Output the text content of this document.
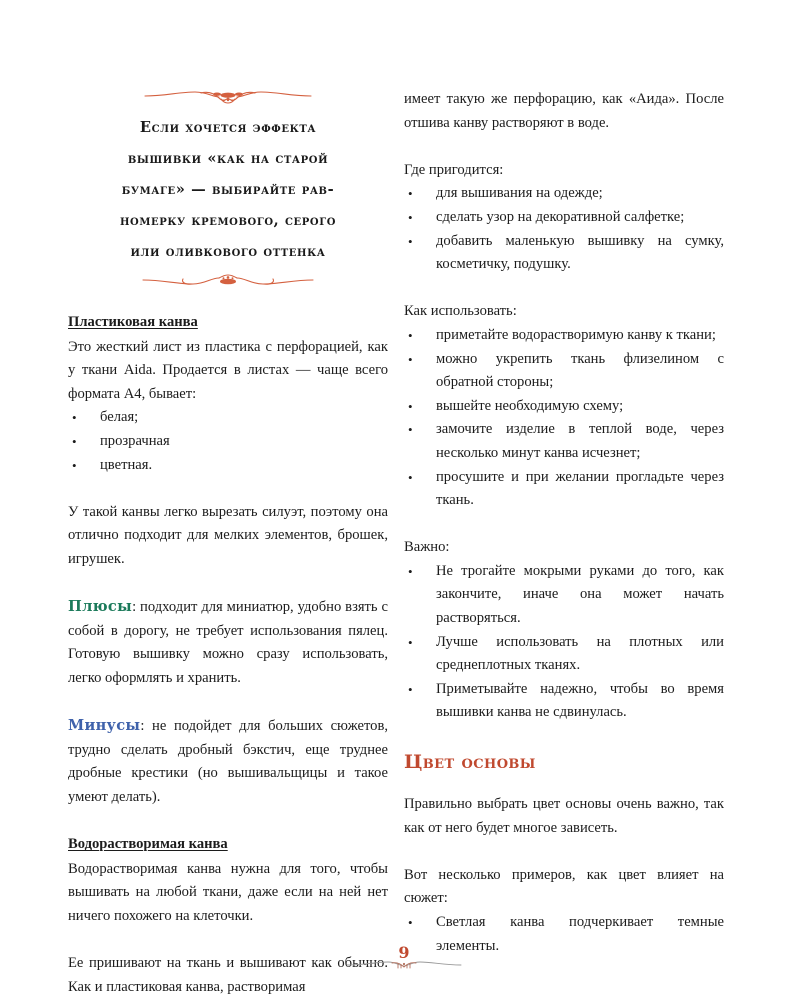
Если хочется эффекта
вышивки «как на старой
бумаге» — выбирайте рав-
номерку кремового, серого
или оливкового оттенка
Пластиковая канва

Это жесткий лист из пластика с перфорацией, как у ткани Aida. Продается в листах — чаще всего формата А4, бывает:

• белая;
• прозрачная
• цветная.

У такой канвы легко вырезать силуэт, поэтому она отлично подходит для мелких элементов, брошек, игрушек.

Плюсы: подходит для миниатюр, удобно взять с собой в дорогу, не требует использования пялец. Готовую вышивку можно сразу использовать, легко оформлять и хранить.

Минусы: не подойдет для больших сюжетов, трудно сделать дробный бэкстич, еще труднее дробные крестики (но вышивальщицы и такое умеют делать).

Водорастворимая канва

Водорастворимая канва нужна для того, чтобы вышивать на любой ткани, даже если на ней нет ничего похожего на клеточки.

Ее пришивают на ткань и вышивают как обычно. Как и пластиковая канва, растворимая

имеет такую же перфорацию, как «Аида». После отшива канву растворяют в воде.

Где пригодится:

• для вышивания на одежде;
• сделать узор на декоративной салфетке;
• добавить маленькую вышивку на сумку, косметичку, подушку.

Как использовать:

• приметайте водорастворимую канву к ткани;
• можно укрепить ткань флизелином с обратной стороны;
• вышейте необходимую схему;
• замочите изделие в теплой воде, через несколько минут канва исчезнет;
• просушите и при желании прогладьте через ткань.

Важно:

• Не трогайте мокрыми руками до того, как закончите, иначе она может начать растворяться.
• Лучше использовать на плотных или среднеплотных тканях.
• Приметывайте надежно, чтобы во время вышивки канва не сдвинулась.
Цвет основы

Правильно выбрать цвет основы очень важно, так как от него будет многое зависеть.

Вот несколько примеров, как цвет влияет на сюжет:

• Светлая канва подчеркивает темные элементы.
9
